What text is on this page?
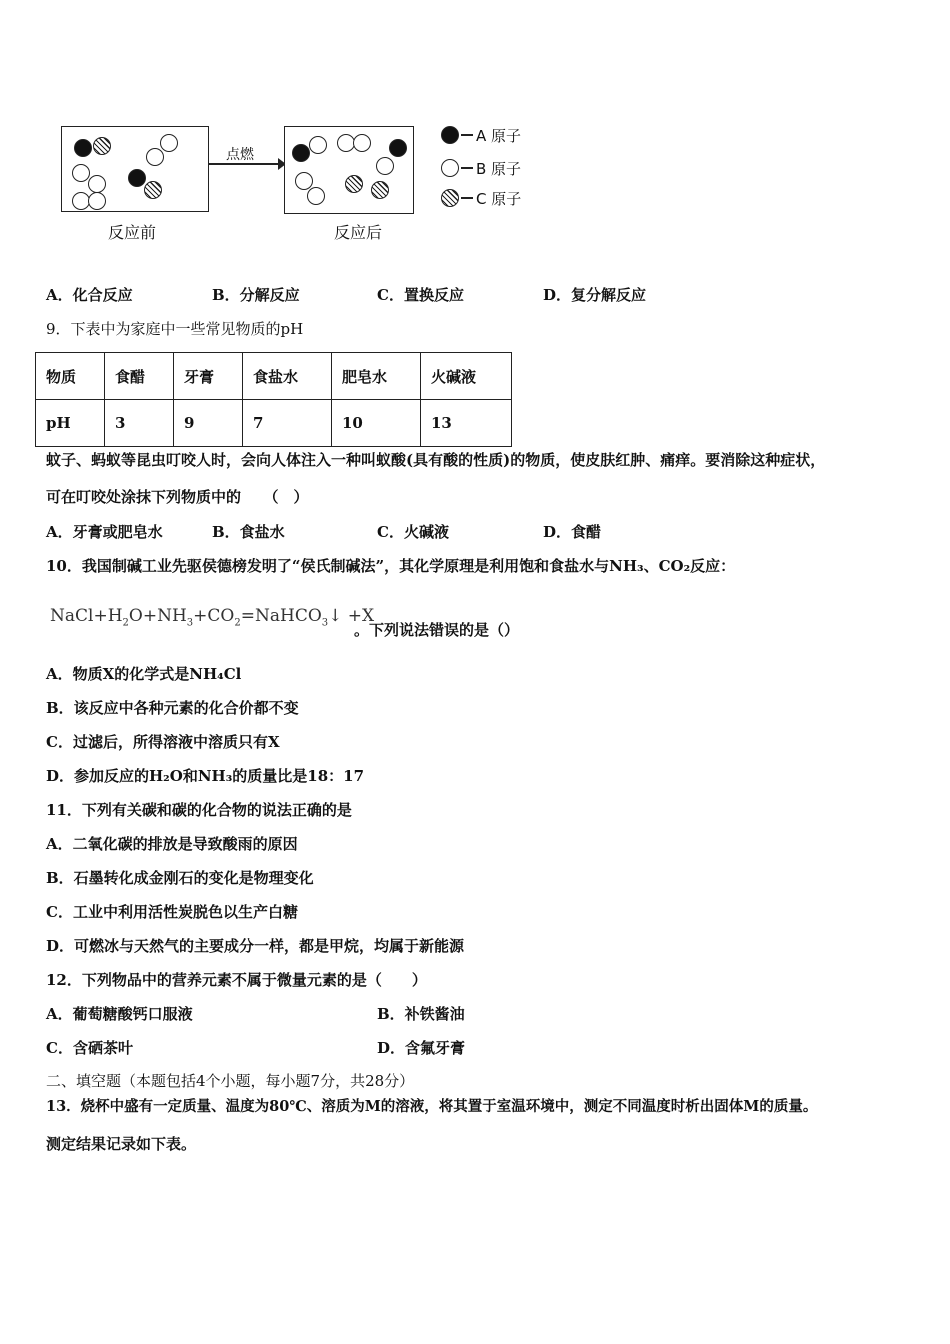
点燃
反应前	反应后
A 原子
B 原子
C 原子
A．化合反应	B．分解反应	C．置换反应	D．复分解反应
9．下表中为家庭中一些常见物质的pH
物质	食醋	牙膏	食盐水	肥皂水	火碱液
pH	3	9	7	10	13
蚊子、蚂蚁等昆虫叮咬人时，会向人体注入一种叫蚁酸(具有酸的性质)的物质，使皮肤红肿、痛痒。要消除这种症状，
可在叮咬处涂抹下列物质中的　　（　）
A．牙膏或肥皂水	B．食盐水	C．火碱液	D．食醋
10．我国制碱工业先驱侯德榜发明了“侯氏制碱法”，其化学原理是利用饱和食盐水与NH₃、CO₂反应：
$NaCl+H_2O+NH_3+CO_2=NaHCO_3↓ +X$
。下列说法错误的是（）
A．物质X的化学式是NH₄Cl
B．该反应中各种元素的化合价都不变
C．过滤后，所得溶液中溶质只有X
D．参加反应的H₂O和NH₃的质量比是18：17
11．下列有关碳和碳的化合物的说法正确的是
A．二氧化碳的排放是导致酸雨的原因
B．石墨转化成金刚石的变化是物理变化
C．工业中利用活性炭脱色以生产白糖
D．可燃冰与天然气的主要成分一样，都是甲烷，均属于新能源
12．下列物品中的营养元素不属于微量元素的是（　　）
A．葡萄糖酸钙口服液	B．补铁酱油
C．含硒茶叶	D．含氟牙膏
二、填空题（本题包括4个小题，每小题7分，共28分）
13．烧杯中盛有一定质量、温度为80℃、溶质为M的溶液，将其置于室温环境中，测定不同温度时析出固体M的质量。
测定结果记录如下表。
